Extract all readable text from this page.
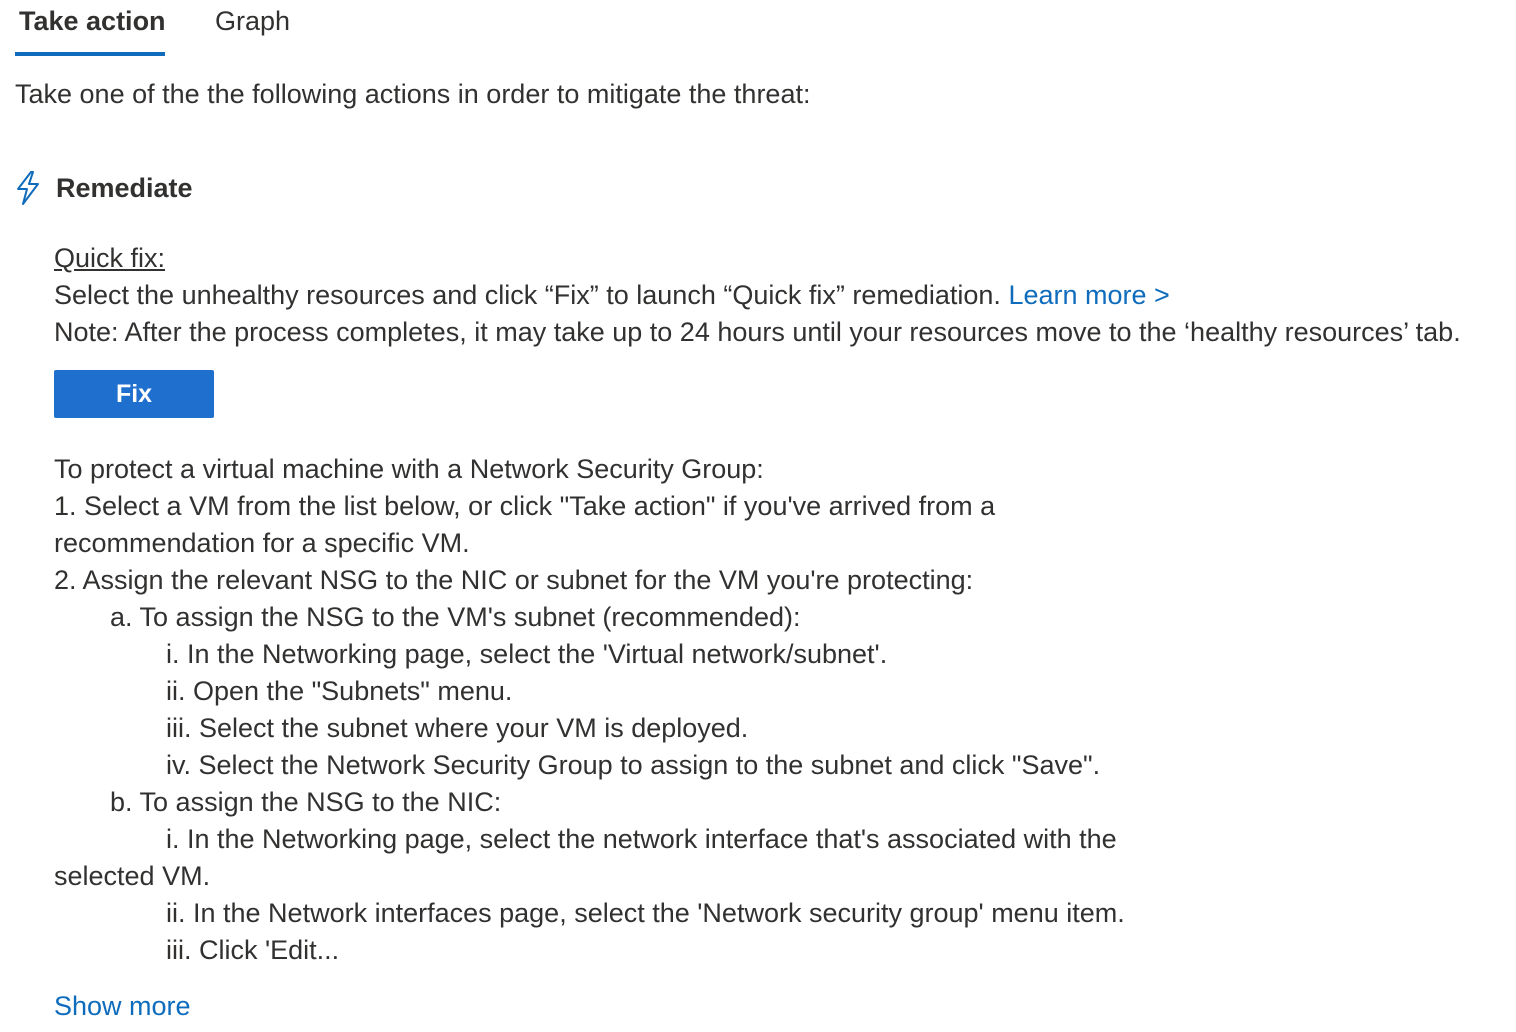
Take action Graph
Take one of the the following actions in order to mitigate the threat:
Remediate
Quick fix:
Select the unhealthy resources and click “Fix” to launch “Quick fix” remediation. Learn more >
Note: After the process completes, it may take up to 24 hours until your resources move to the ‘healthy resources’ tab.
Fix
To protect a virtual machine with a Network Security Group:
1. Select a VM from the list below, or click "Take action" if you've arrived from a
recommendation for a specific VM.
2. Assign the relevant NSG to the NIC or subnet for the VM you're protecting:
a. To assign the NSG to the VM's subnet (recommended):
i. In the Networking page, select the 'Virtual network/subnet'.
ii. Open the "Subnets" menu.
iii. Select the subnet where your VM is deployed.
iv. Select the Network Security Group to assign to the subnet and click "Save".
b. To assign the NSG to the NIC:
i. In the Networking page, select the network interface that's associated with the
selected VM.
ii. In the Network interfaces page, select the 'Network security group' menu item.
iii. Click 'Edit...
Show more
